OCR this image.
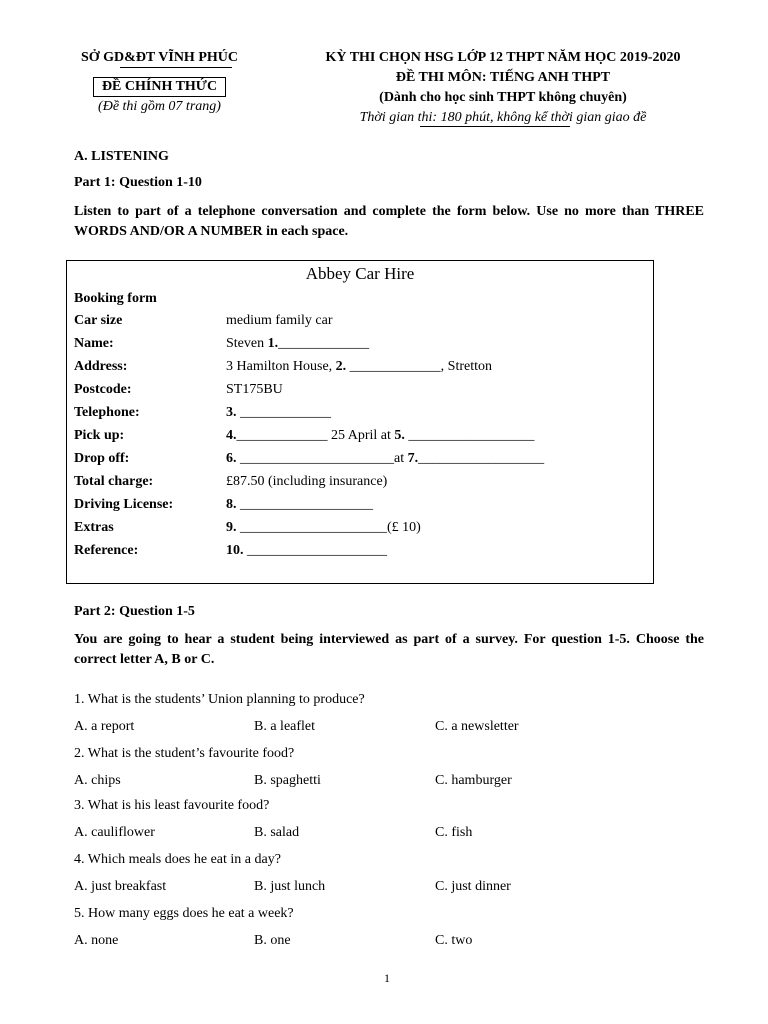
SỞ GD&ĐT VĨNH PHÚC
ĐỀ CHÍNH THỨC
(Đề thi gồm 07 trang)
KỲ THI CHỌN HSG LỚP 12 THPT NĂM HỌC 2019-2020
ĐỀ THI MÔN: TIẾNG ANH THPT
(Dành cho học sinh THPT không chuyên)
Thời gian thi: 180 phút, không kể thời gian giao đề
A. LISTENING
Part 1: Question 1-10
Listen to part of a telephone conversation and complete the form below. Use no more than THREE WORDS AND/OR A NUMBER in each space.
Abbey Car Hire
Booking form
Car size	medium family car
Name:	Steven 1._____________
Address:	3 Hamilton House, 2. _____________, Stretton
Postcode:	ST175BU
Telephone:	3. _____________
Pick up:	4._____________ 25 April at 5. __________________
Drop off:	6. ______________________at 7.__________________
Total charge:	£87.50 (including insurance)
Driving License:	8. ___________________
Extras	9. _____________________(£ 10)
Reference:	10. ____________________
Part 2: Question 1-5
You are going to hear a student being interviewed as part of a survey. For question 1-5. Choose the correct letter A, B or C.
1. What is the students’ Union planning to produce?
A. a report	B. a leaflet	C. a newsletter
2. What is the student’s favourite food?
A. chips	B. spaghetti	C. hamburger
3. What is his least favourite food?
A. cauliflower	B. salad	C. fish
4. Which meals does he eat in a day?
A. just breakfast	B. just lunch	C. just dinner
5. How many eggs does he eat a week?
A. none	B. one	C. two
1
